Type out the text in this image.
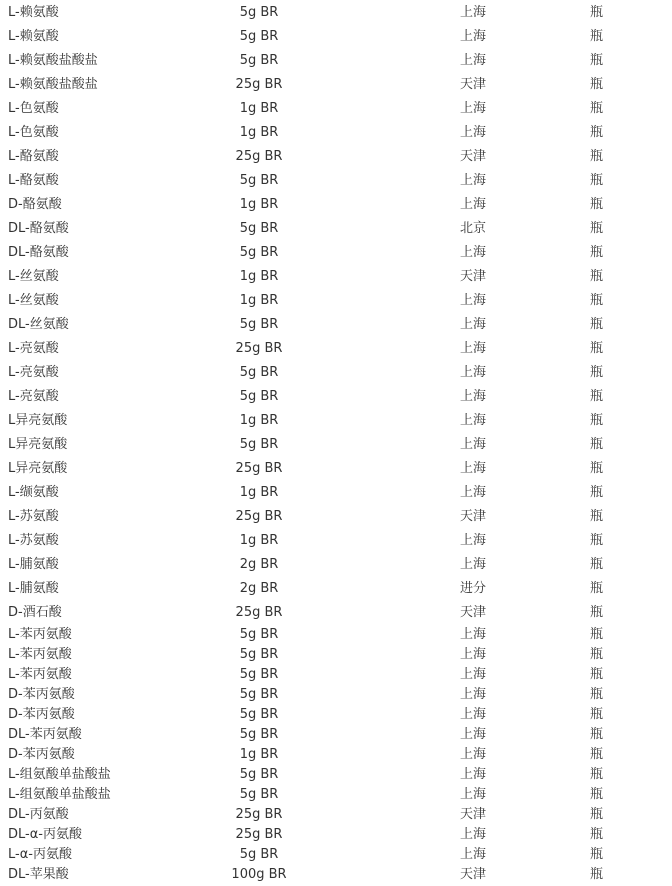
L-赖氨酸	5g BR	上海	瓶
L-赖氨酸	5g BR	上海	瓶
L-赖氨酸盐酸盐	5g BR	上海	瓶
L-赖氨酸盐酸盐	25g BR	天津	瓶
L-色氨酸	1g BR	上海	瓶
L-色氨酸	1g BR	上海	瓶
L-酪氨酸	25g BR	天津	瓶
L-酪氨酸	5g BR	上海	瓶
D-酪氨酸	1g BR	上海	瓶
DL-酪氨酸	5g BR	北京	瓶
DL-酪氨酸	5g BR	上海	瓶
L-丝氨酸	1g BR	天津	瓶
L-丝氨酸	1g BR	上海	瓶
DL-丝氨酸	5g BR	上海	瓶
L-亮氨酸	25g BR	上海	瓶
L-亮氨酸	5g BR	上海	瓶
L-亮氨酸	5g BR	上海	瓶
L异亮氨酸	1g BR	上海	瓶
L异亮氨酸	5g BR	上海	瓶
L异亮氨酸	25g BR	上海	瓶
L-缬氨酸	1g BR	上海	瓶
L-苏氨酸	25g BR	天津	瓶
L-苏氨酸	1g BR	上海	瓶
L-脯氨酸	2g BR	上海	瓶
L-脯氨酸	2g BR	进分	瓶
D-酒石酸	25g BR	天津	瓶
L-苯丙氨酸	5g BR	上海	瓶
L-苯丙氨酸	5g BR	上海	瓶
L-苯丙氨酸	5g BR	上海	瓶
D-苯丙氨酸	5g BR	上海	瓶
D-苯丙氨酸	5g BR	上海	瓶
DL-苯丙氨酸	5g BR	上海	瓶
D-苯丙氨酸	1g BR	上海	瓶
L-组氨酸单盐酸盐	5g BR	上海	瓶
L-组氨酸单盐酸盐	5g BR	上海	瓶
DL-丙氨酸	25g BR	天津	瓶
DL-α-丙氨酸	25g BR	上海	瓶
L-α-丙氨酸	5g BR	上海	瓶
DL-苹果酸	100g BR	天津	瓶
